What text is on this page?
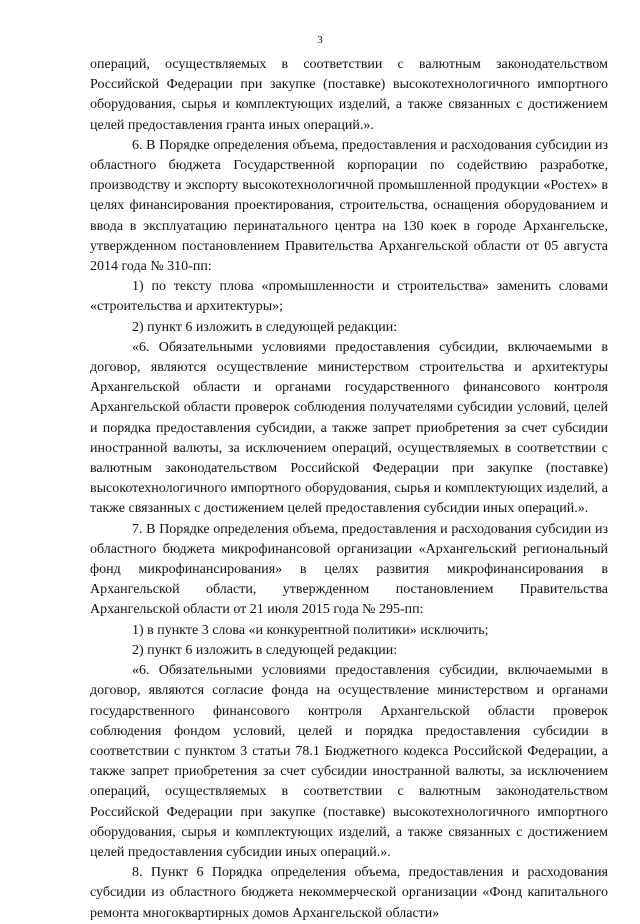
3

операций, осуществляемых в соответствии с валютным законодательством Российской Федерации при закупке (поставке) высокотехнологичного импортного оборудования, сырья и комплектующих изделий, а также связанных с достижением целей предоставления гранта иных операций.».

6. В Порядке определения объема, предоставления и расходования субсидии из областного бюджета Государственной корпорации по содействию разработке, производству и экспорту высокотехнологичной промышленной продукции «Ростех» в целях финансирования проектирования, строительства, оснащения оборудованием и ввода в эксплуатацию перинатального центра на 130 коек в городе Архангельске, утвержденном постановлением Правительства Архангельской области от 05 августа 2014 года № 310-пп:

1) по тексту плова «промышленности и строительства» заменить словами «строительства и архитектуры»;

2) пункт 6 изложить в следующей редакции:

«6. Обязательными условиями предоставления субсидии, включаемыми в договор, являются осуществление министерством строительства и архитектуры Архангельской области и органами государственного финансового контроля Архангельской области проверок соблюдения получателями субсидии условий, целей и порядка предоставления субсидии, а также запрет приобретения за счет субсидии иностранной валюты, за исключением операций, осуществляемых в соответствии с валютным законодательством Российской Федерации при закупке (поставке) высокотехнологичного импортного оборудования, сырья и комплектующих изделий, а также связанных с достижением целей предоставления субсидии иных операций.».

7. В Порядке определения объема, предоставления и расходования субсидии из областного бюджета микрофинансовой организации «Архангельский региональный фонд микрофинансирования» в целях развития микрофинансирования в Архангельской области, утвержденном постановлением Правительства Архангельской области от 21 июля 2015 года № 295-пп:

1) в пункте 3 слова «и конкурентной политики» исключить;

2) пункт 6 изложить в следующей редакции:

«6. Обязательными условиями предоставления субсидии, включаемыми в договор, являются согласие фонда на осуществление министерством и органами государственного финансового контроля Архангельской области проверок соблюдения фондом условий, целей и порядка предоставления субсидии в соответствии с пунктом 3 статьи 78.1 Бюджетного кодекса Российской Федерации, а также запрет приобретения за счет субсидии иностранной валюты, за исключением операций, осуществляемых в соответствии с валютным законодательством Российской Федерации при закупке (поставке) высокотехнологичного импортного оборудования, сырья и комплектующих изделий, а также связанных с достижением целей предоставления субсидии иных операций.».

8. Пункт 6 Порядка определения объема, предоставления и расходования субсидии из областного бюджета некоммерческой организации «Фонд капитального ремонта многоквартирных домов Архангельской области»
